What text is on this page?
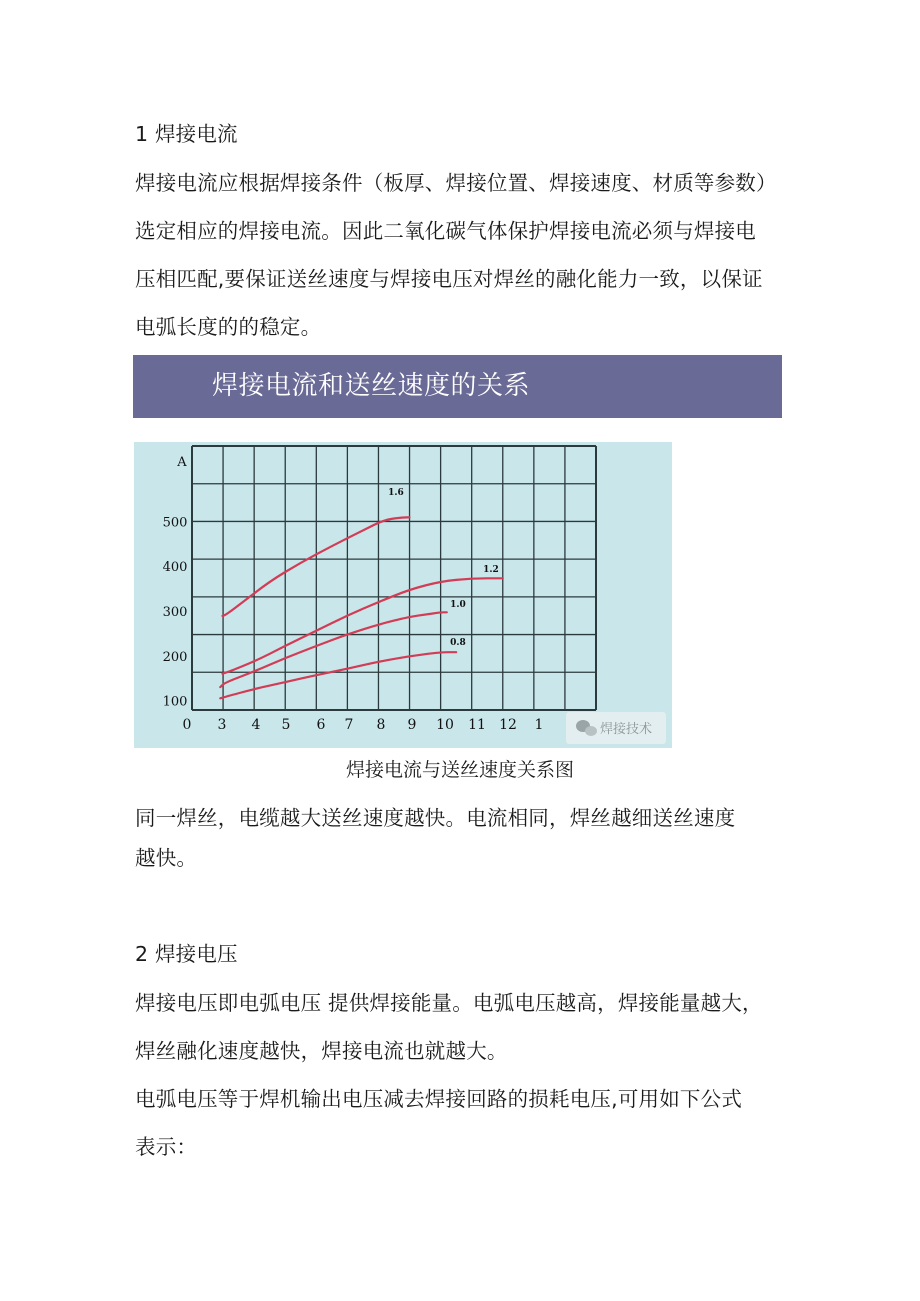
1 焊接电流

焊接电流应根据焊接条件（板厚、焊接位置、焊接速度、材质等参数）

选定相应的焊接电流。因此二氧化碳气体保护焊接电流必须与焊接电

压相匹配,要保证送丝速度与焊接电压对焊丝的融化能力一致，以保证

电弧长度的的稳定。

焊接电流和送丝速度的关系
A
100
200
300
400
500
0 3 4 5 6 7 8 9 10 11 12 1
1.6
1.2
1.0
0.8
焊接技术
焊接电流与送丝速度关系图

同一焊丝，电缆越大送丝速度越快。电流相同，焊丝越细送丝速度

越快。

2 焊接电压

焊接电压即电弧电压 提供焊接能量。电弧电压越高，焊接能量越大，

焊丝融化速度越快，焊接电流也就越大。

电弧电压等于焊机输出电压减去焊接回路的损耗电压,可用如下公式

表示：
